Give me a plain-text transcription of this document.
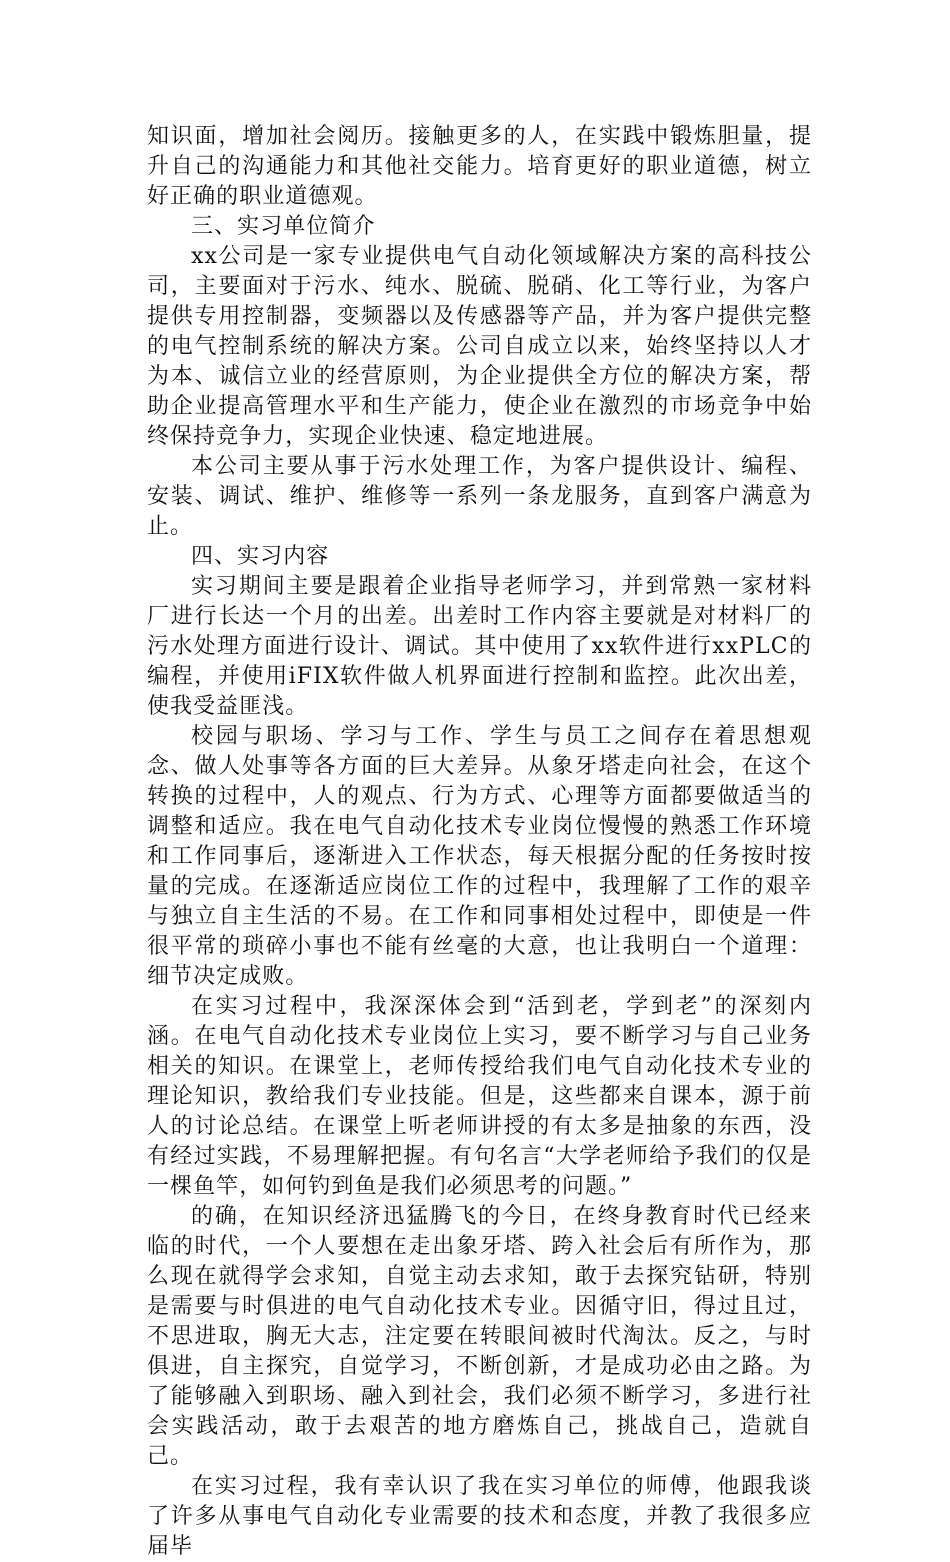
知识面，增加社会阅历。接触更多的人，在实践中锻炼胆量，提升自己的沟通能力和其他社交能力。培育更好的职业道德，树立好正确的职业道德观。

三、实习单位简介

xx公司是一家专业提供电气自动化领域解决方案的高科技公司，主要面对于污水、纯水、脱硫、脱硝、化工等行业，为客户提供专用控制器，变频器以及传感器等产品，并为客户提供完整的电气控制系统的解决方案。公司自成立以来，始终坚持以人才为本、诚信立业的经营原则，为企业提供全方位的解决方案，帮助企业提高管理水平和生产能力，使企业在激烈的市场竞争中始终保持竞争力，实现企业快速、稳定地进展。

本公司主要从事于污水处理工作，为客户提供设计、编程、安装、调试、维护、维修等一系列一条龙服务，直到客户满意为止。

四、实习内容

实习期间主要是跟着企业指导老师学习，并到常熟一家材料厂进行长达一个月的出差。出差时工作内容主要就是对材料厂的污水处理方面进行设计、调试。其中使用了xx软件进行xxPLC的编程，并使用iFIX软件做人机界面进行控制和监控。此次出差，使我受益匪浅。

校园与职场、学习与工作、学生与员工之间存在着思想观念、做人处事等各方面的巨大差异。从象牙塔走向社会，在这个转换的过程中，人的观点、行为方式、心理等方面都要做适当的调整和适应。我在电气自动化技术专业岗位慢慢的熟悉工作环境和工作同事后，逐渐进入工作状态，每天根据分配的任务按时按量的完成。在逐渐适应岗位工作的过程中，我理解了工作的艰辛与独立自主生活的不易。在工作和同事相处过程中，即使是一件很平常的琐碎小事也不能有丝毫的大意，也让我明白一个道理：细节决定成败。

在实习过程中，我深深体会到“活到老，学到老”的深刻内涵。在电气自动化技术专业岗位上实习，要不断学习与自己业务相关的知识。在课堂上，老师传授给我们电气自动化技术专业的理论知识，教给我们专业技能。但是，这些都来自课本，源于前人的讨论总结。在课堂上听老师讲授的有太多是抽象的东西，没有经过实践，不易理解把握。有句名言“大学老师给予我们的仅是一棵鱼竿，如何钓到鱼是我们必须思考的问题。”

的确，在知识经济迅猛腾飞的今日，在终身教育时代已经来临的时代，一个人要想在走出象牙塔、跨入社会后有所作为，那么现在就得学会求知，自觉主动去求知，敢于去探究钻研，特别是需要与时俱进的电气自动化技术专业。因循守旧，得过且过，不思进取，胸无大志，注定要在转眼间被时代淘汰。反之，与时俱进，自主探究，自觉学习，不断创新，才是成功必由之路。为了能够融入到职场、融入到社会，我们必须不断学习，多进行社会实践活动，敢于去艰苦的地方磨炼自己，挑战自己，造就自己。

在实习过程，我有幸认识了我在实习单位的师傅，他跟我谈了许多从事电气自动化专业需要的技术和态度，并教了我很多应届毕
